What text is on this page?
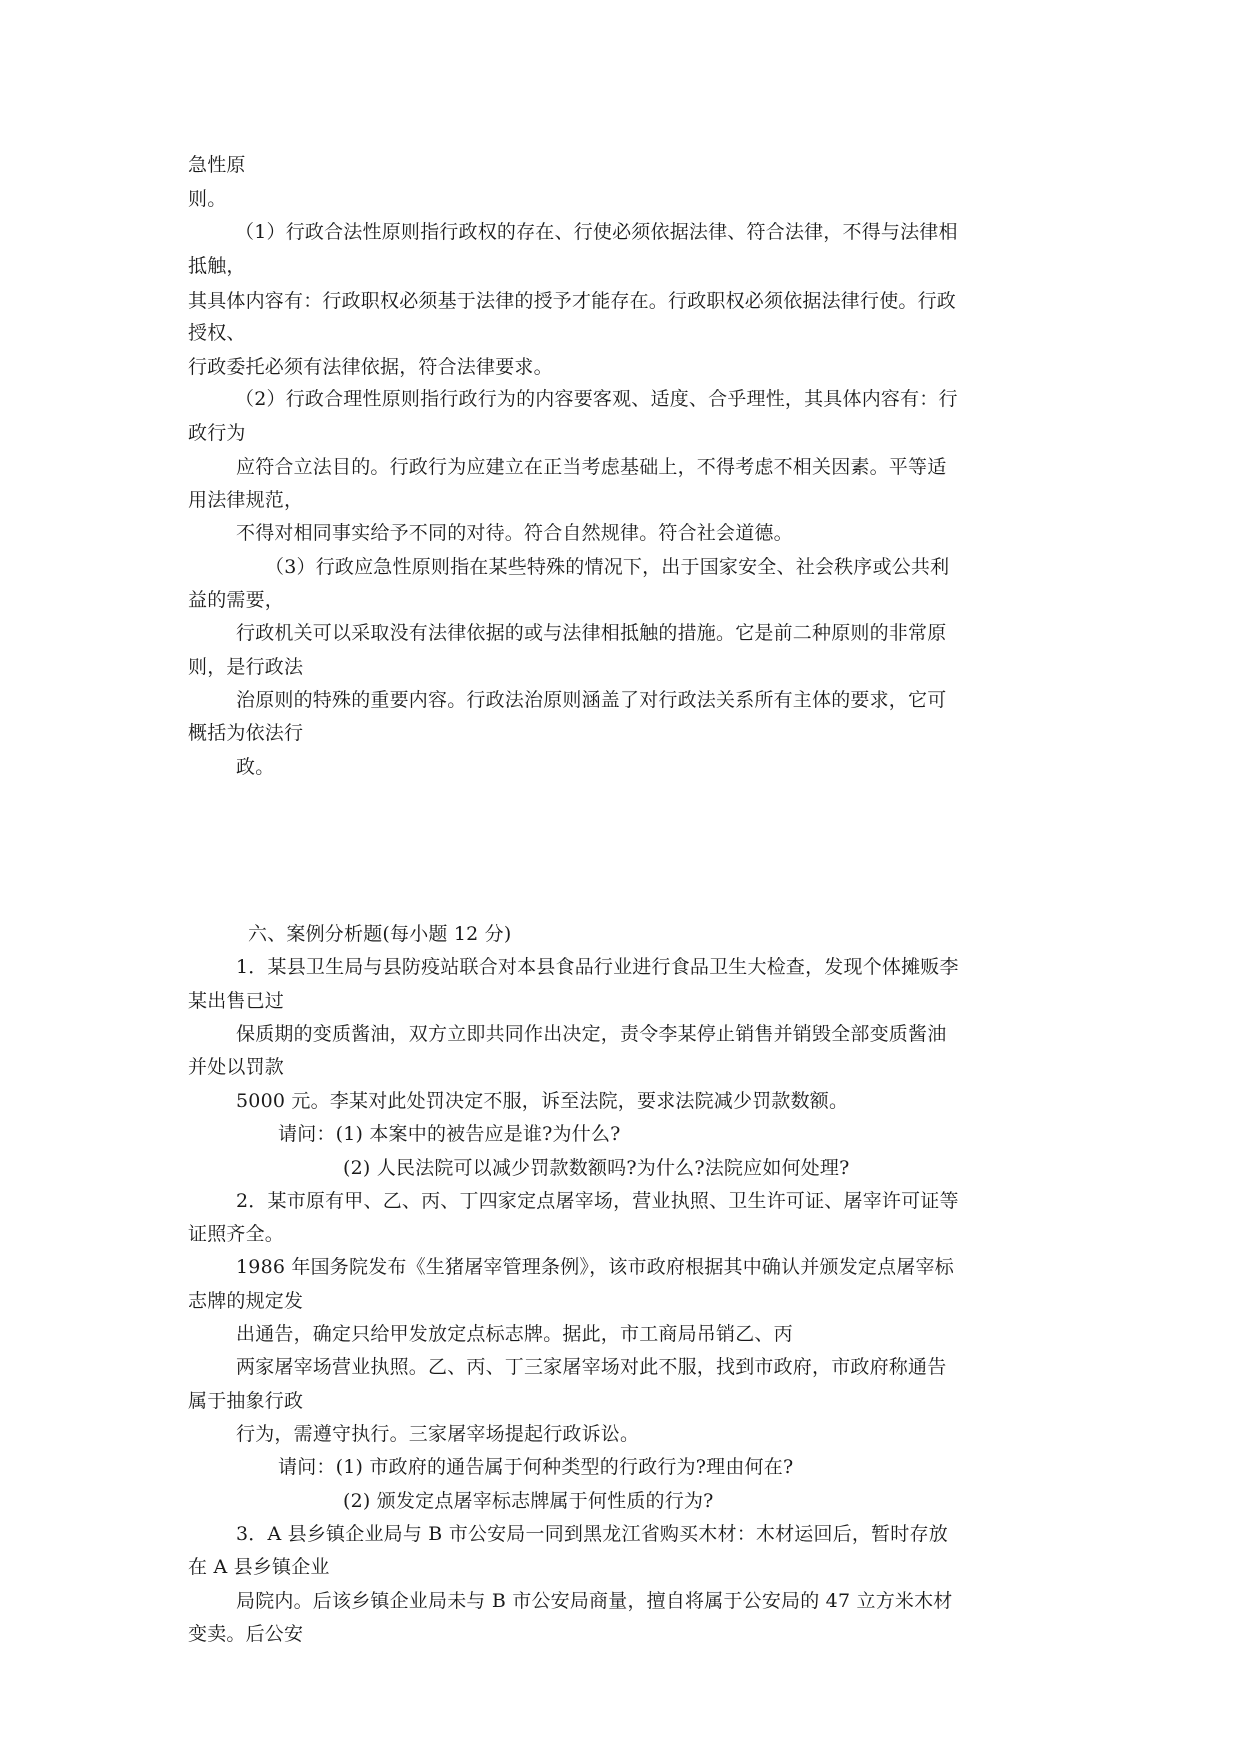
急性原
则。
（1）行政合法性原则指行政权的存在、行使必须依据法律、符合法律，不得与法律相
抵触，
其具体内容有：行政职权必须基于法律的授予才能存在。行政职权必须依据法律行使。行政
授权、
行政委托必须有法律依据，符合法律要求。
（2）行政合理性原则指行政行为的内容要客观、适度、合乎理性，其具体内容有：行
政行为
应符合立法目的。行政行为应建立在正当考虑基础上，不得考虑不相关因素。平等适
用法律规范，
不得对相同事实给予不同的对待。符合自然规律。符合社会道德。
（3）行政应急性原则指在某些特殊的情况下，出于国家安全、社会秩序或公共利
益的需要，
行政机关可以采取没有法律依据的或与法律相抵触的措施。它是前二种原则的非常原
则，是行政法
治原则的特殊的重要内容。行政法治原则涵盖了对行政法关系所有主体的要求，它可
概括为依法行
政。
六、案例分析题(每小题 12 分)
1．某县卫生局与县防疫站联合对本县食品行业进行食品卫生大检查，发现个体摊贩李
某出售已过
保质期的变质酱油，双方立即共同作出决定，责令李某停止销售并销毁全部变质酱油
并处以罚款
5000 元。李某对此处罚决定不服，诉至法院，要求法院减少罚款数额。
请问：(1) 本案中的被告应是谁?为什么?
(2) 人民法院可以减少罚款数额吗?为什么?法院应如何处理?
2．某市原有甲、乙、丙、丁四家定点屠宰场，营业执照、卫生许可证、屠宰许可证等
证照齐全。
1986 年国务院发布《生猪屠宰管理条例》，该市政府根据其中确认并颁发定点屠宰标
志牌的规定发
出通告，确定只给甲发放定点标志牌。据此，市工商局吊销乙、丙
两家屠宰场营业执照。乙、丙、丁三家屠宰场对此不服，找到市政府，市政府称通告
属于抽象行政
行为，需遵守执行。三家屠宰场提起行政诉讼。
请问：(1) 市政府的通告属于何种类型的行政行为?理由何在?
(2) 颁发定点屠宰标志牌属于何性质的行为?
3．A 县乡镇企业局与 B 市公安局一同到黑龙江省购买木材：木材运回后，暂时存放
在 A 县乡镇企业
局院内。后该乡镇企业局未与 B 市公安局商量，擅自将属于公安局的 47 立方米木材
变卖。后公安
